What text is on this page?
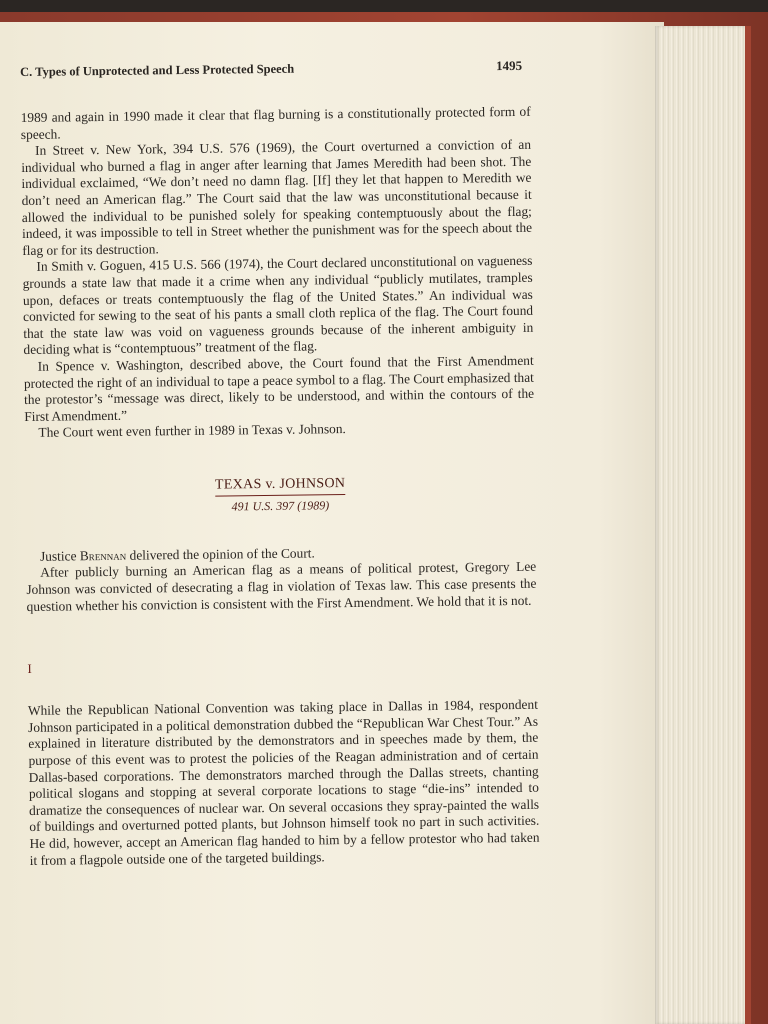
C. Types of Unprotected and Less Protected Speech	1495

1989 and again in 1990 made it clear that flag burning is a constitutionally protected form of speech.

In Street v. New York, 394 U.S. 576 (1969), the Court overturned a conviction of an individual who burned a flag in anger after learning that James Meredith had been shot. The individual exclaimed, “We don’t need no damn flag. [If] they let that happen to Meredith we don’t need an American flag.” The Court said that the law was unconstitutional because it allowed the individual to be punished solely for speaking contemptuously about the flag; indeed, it was impossible to tell in Street whether the punishment was for the speech about the flag or for its destruction.

In Smith v. Goguen, 415 U.S. 566 (1974), the Court declared unconstitutional on vagueness grounds a state law that made it a crime when any individual “publicly mutilates, tramples upon, defaces or treats contemptuously the flag of the United States.” An individual was convicted for sewing to the seat of his pants a small cloth replica of the flag. The Court found that the state law was void on vagueness grounds because of the inherent ambiguity in deciding what is “contemptuous” treatment of the flag.

In Spence v. Washington, described above, the Court found that the First Amendment protected the right of an individual to tape a peace symbol to a flag. The Court emphasized that the protestor’s “message was direct, likely to be understood, and within the contours of the First Amendment.”

The Court went even further in 1989 in Texas v. Johnson.

TEXAS v. JOHNSON
491 U.S. 397 (1989)

Justice Brennan delivered the opinion of the Court.

After publicly burning an American flag as a means of political protest, Gregory Lee Johnson was convicted of desecrating a flag in violation of Texas law. This case presents the question whether his conviction is consistent with the First Amendment. We hold that it is not.

I

While the Republican National Convention was taking place in Dallas in 1984, respondent Johnson participated in a political demonstration dubbed the “Republican War Chest Tour.” As explained in literature distributed by the demonstrators and in speeches made by them, the purpose of this event was to protest the policies of the Reagan administration and of certain Dallas-based corporations. The demonstrators marched through the Dallas streets, chanting political slogans and stopping at several corporate locations to stage “die-ins” intended to dramatize the consequences of nuclear war. On several occasions they spray-painted the walls of buildings and overturned potted plants, but Johnson himself took no part in such activities. He did, however, accept an American flag handed to him by a fellow protestor who had taken it from a flagpole outside one of the targeted buildings.
